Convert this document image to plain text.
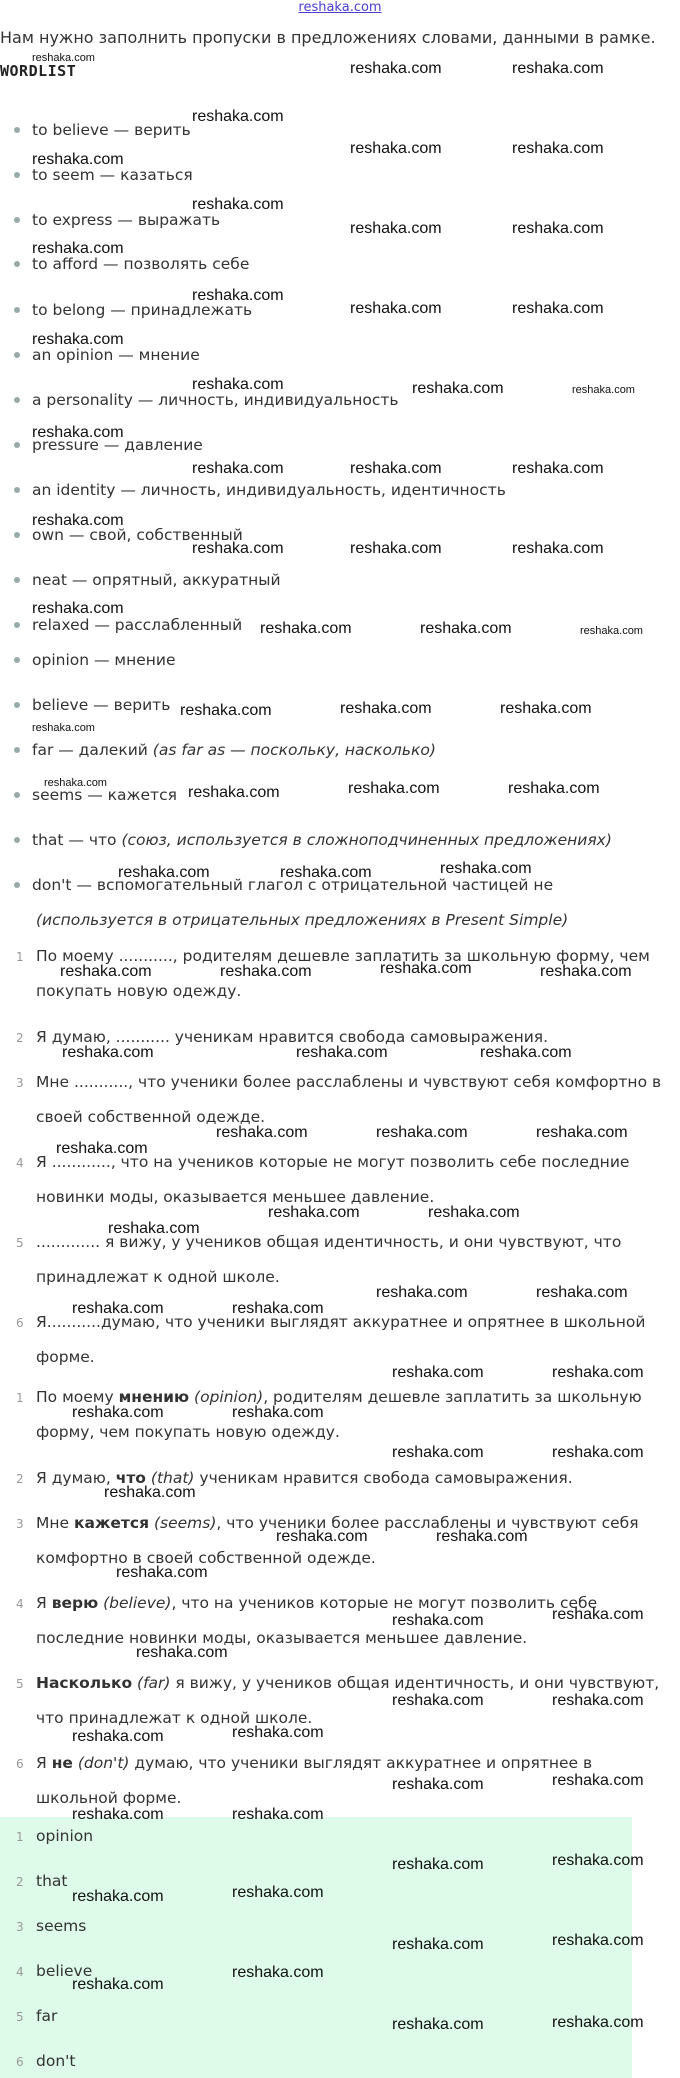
reshaka.com
Нам нужно заполнить пропуски в предложениях словами, данными в рамке.
WORDLIST
to believe — верить
to seem — казаться
to express — выражать
to afford — позволять себе
to belong — принадлежать
an opinion — мнение
a personality — личность, индивидуальность
pressure — давление
an identity — личность, индивидуальность, идентичность
own — свой, собственный
neat — опрятный, аккуратный
relaxed — расслабленный
opinion — мнение
believe — верить
far — далекий (as far as — поскольку, насколько)
seems — кажется
that — что (союз, используется в сложноподчиненных предложениях)
don't — вспомогательный глагол с отрицательной частицей не
(используется в отрицательных предложениях в Present Simple)
1 По моему ..........., родителям дешевле заплатить за школьную форму, чем
покупать новую одежду.
2 Я думаю, ........... ученикам нравится свобода самовыражения.
3 Мне ..........., что ученики более расслаблены и чувствуют себя комфортно в
своей собственной одежде.
4 Я ............, что на учеников которые не могут позволить себе последние
новинки моды, оказывается меньшее давление.
5 ............. я вижу, у учеников общая идентичность, и они чувствуют, что
принадлежат к одной школе.
6 Я...........думаю, что ученики выглядят аккуратнее и опрятнее в школьной
форме.
1 По моему мнению (opinion), родителям дешевле заплатить за школьную
форму, чем покупать новую одежду.
2 Я думаю, что (that) ученикам нравится свобода самовыражения.
3 Мне кажется (seems), что ученики более расслаблены и чувствуют себя
комфортно в своей собственной одежде.
4 Я верю (believe), что на учеников которые не могут позволить себе
последние новинки моды, оказывается меньшее давление.
5 Насколько (far) я вижу, у учеников общая идентичность, и они чувствуют,
что принадлежат к одной школе.
6 Я не (don't) думаю, что ученики выглядят аккуратнее и опрятнее в
школьной форме.
1 opinion
2 that
3 seems
4 believe
5 far
6 don't
reshaka.com
reshaka.com	reshaka.com
reshaka.com
reshaka.com	reshaka.com
reshaka.com
reshaka.com
reshaka.com	reshaka.com
reshaka.com
reshaka.com
reshaka.com	reshaka.com
reshaka.com
reshaka.com	reshaka.com	reshaka.com
reshaka.com
reshaka.com	reshaka.com	reshaka.com
reshaka.com
reshaka.com	reshaka.com	reshaka.com
reshaka.com
reshaka.com	reshaka.com	reshaka.com
reshaka.com	reshaka.com	reshaka.com
reshaka.com
reshaka.com
reshaka.com	reshaka.com	reshaka.com
reshaka.com	reshaka.com	reshaka.com
reshaka.com	reshaka.com	reshaka.com	reshaka.com
reshaka.com	reshaka.com	reshaka.com
reshaka.com	reshaka.com	reshaka.com
reshaka.com
reshaka.com	reshaka.com
reshaka.com
reshaka.com	reshaka.com
reshaka.com	reshaka.com
reshaka.com	reshaka.com
reshaka.com	reshaka.com
reshaka.com	reshaka.com
reshaka.com
reshaka.com	reshaka.com
reshaka.com
reshaka.com
reshaka.com
reshaka.com
reshaka.com	reshaka.com
reshaka.com	reshaka.com
reshaka.com	reshaka.com
reshaka.com	reshaka.com
reshaka.com	reshaka.com
reshaka.com	reshaka.com
reshaka.com	reshaka.com
reshaka.com
reshaka.com
reshaka.com	reshaka.com
